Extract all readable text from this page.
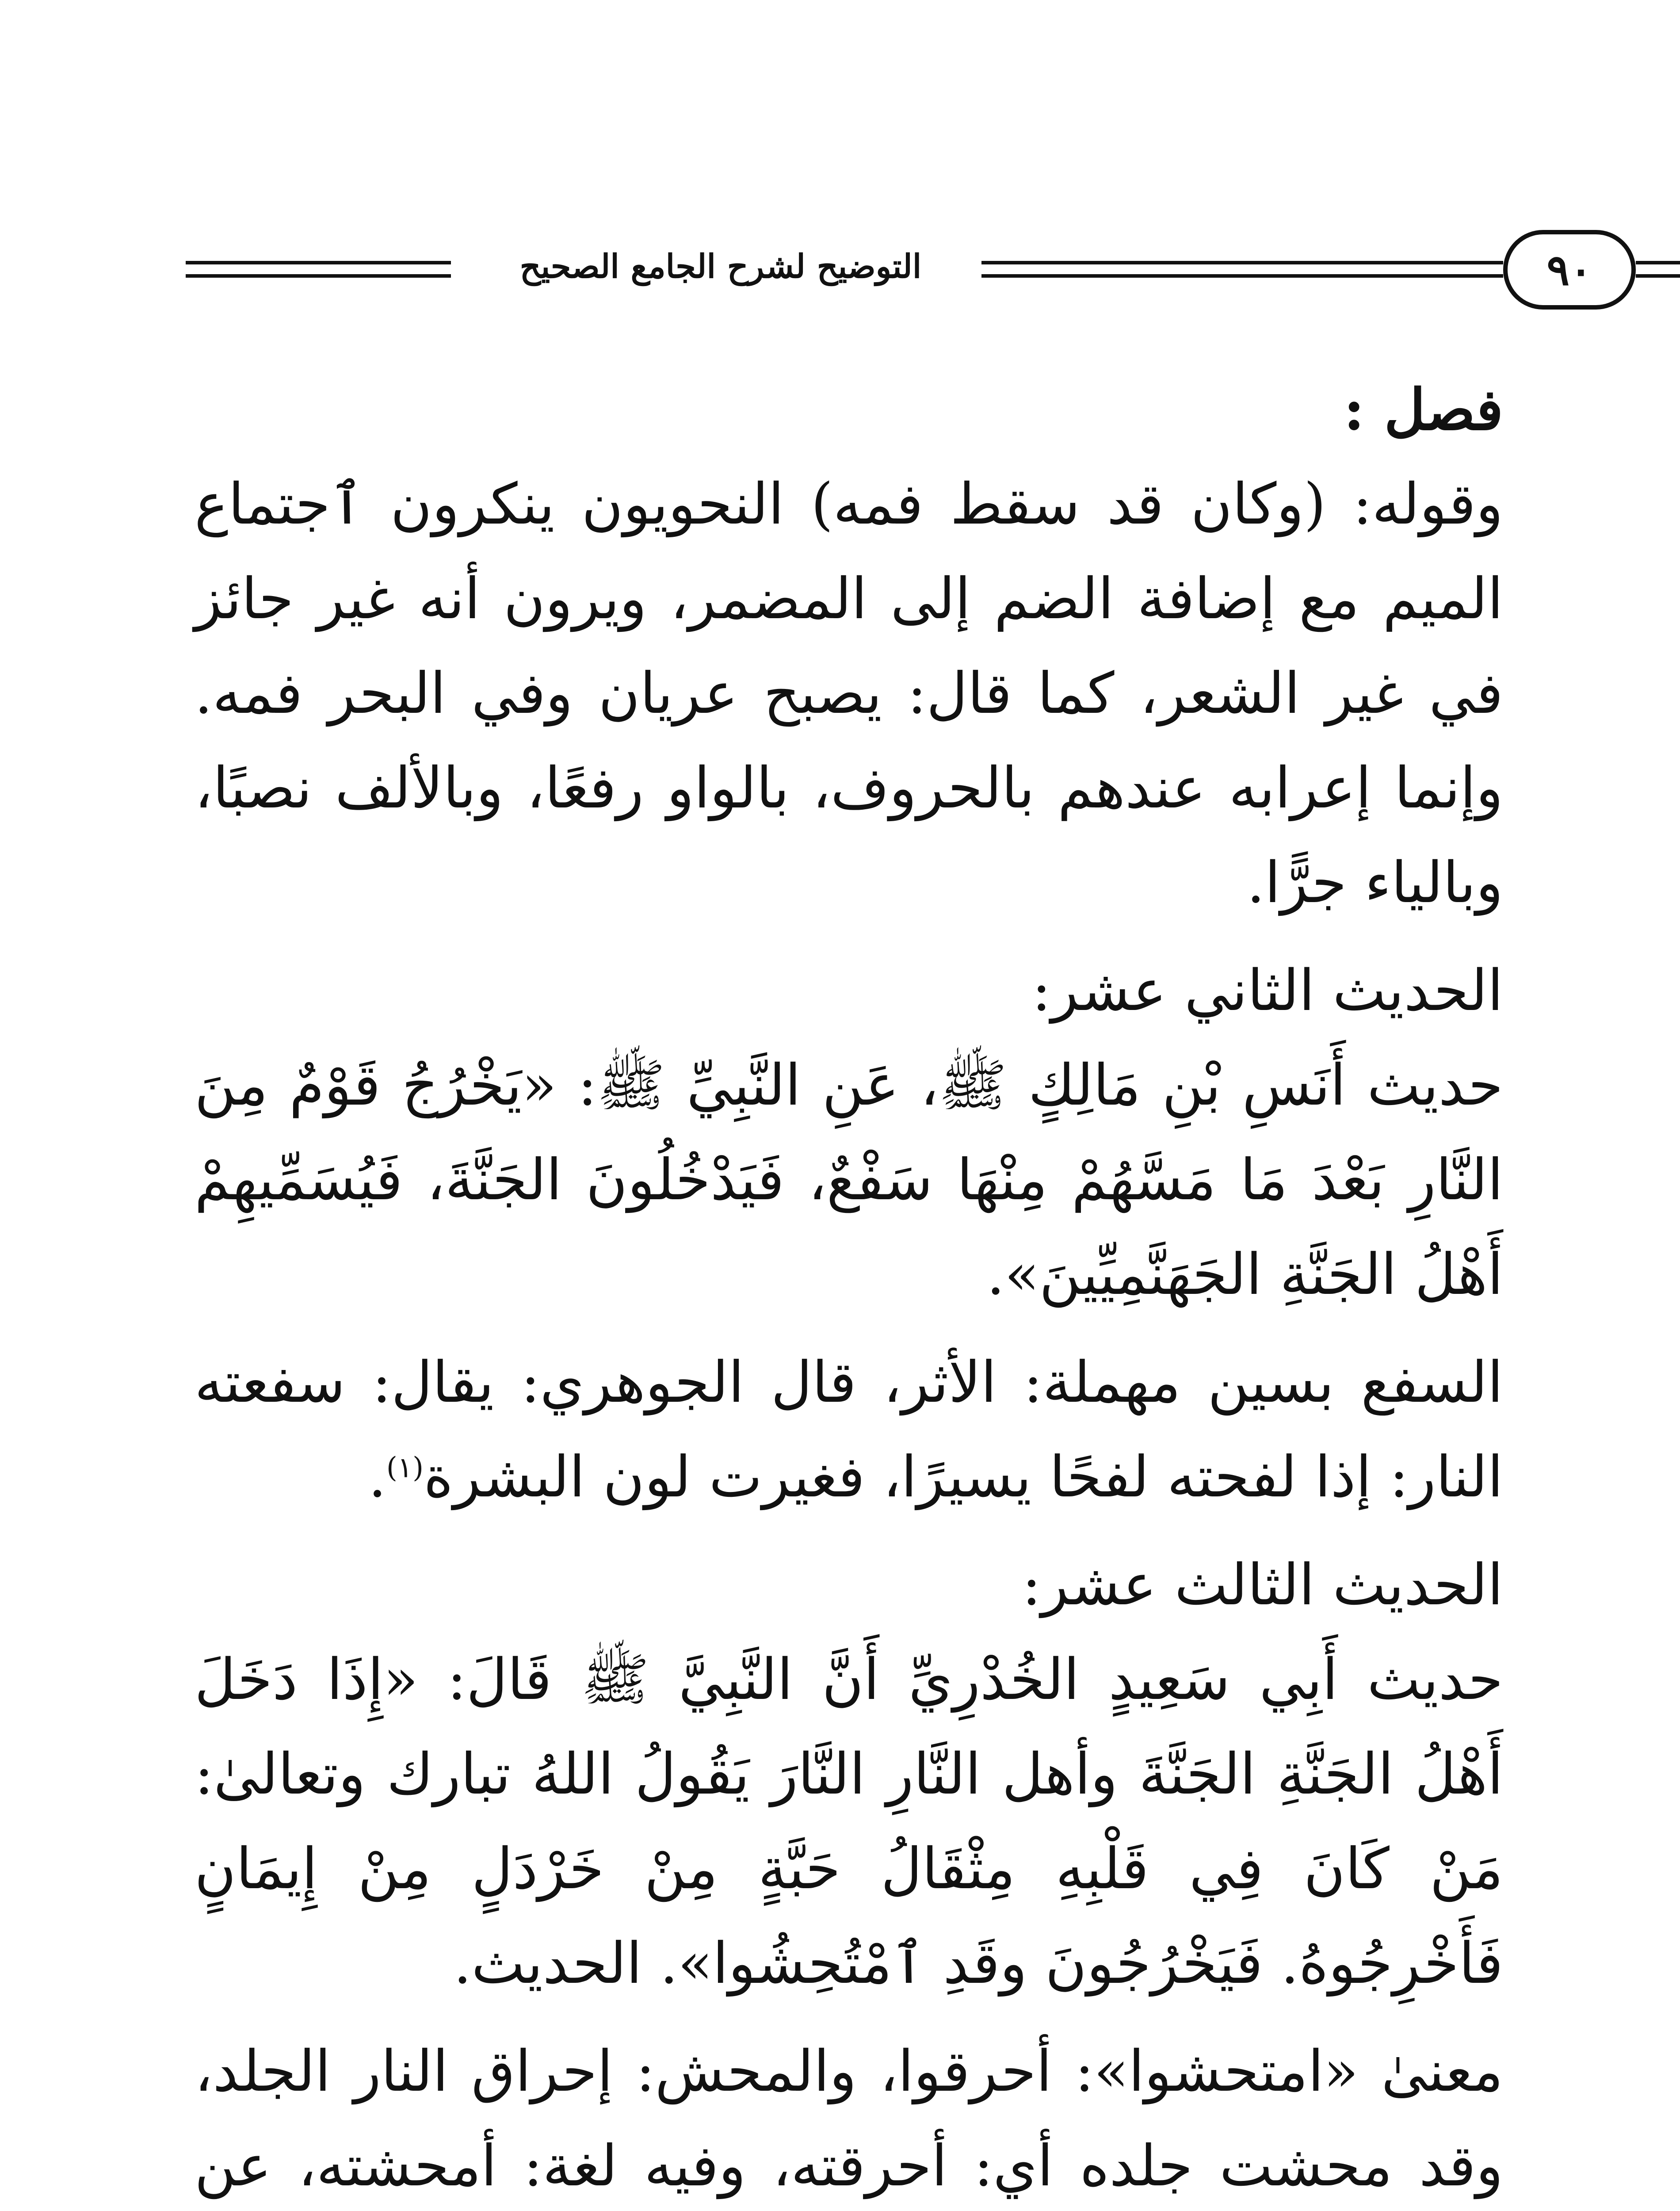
التوضيح لشرح الجامع الصحيح	٩٠

فصل :

وقوله: (وكان قد سقط فمه) النحويون ينكرون ٱجتماع الميم مع إضافة الضم إلى المضمر، ويرون أنه غير جائز في غير الشعر، كما قال: يصبح عريان وفي البحر فمه. وإنما إعرابه عندهم بالحروف، بالواو رفعًا، وبالألف نصبًا، وبالياء جرًّا.

الحديث الثاني عشر:

حديث أَنَسِ بْنِ مَالِكٍ ﷺ، عَنِ النَّبِيِّ ﷺ: «يَخْرُجُ قَوْمٌ مِنَ النَّارِ بَعْدَ مَا مَسَّهُمْ مِنْهَا سَفْعٌ، فَيَدْخُلُونَ الجَنَّةَ، فَيُسَمِّيهِمْ أَهْلُ الجَنَّةِ الجَهَنَّمِيِّينَ».

السفع بسين مهملة: الأثر، قال الجوهري: يقال: سفعته النار: إذا لفحته لفحًا يسيرًا، فغيرت لون البشرة$^{(١)}$.

الحديث الثالث عشر:

حديث أَبِي سَعِيدٍ الخُدْرِيِّ أَنَّ النَّبِيَّ ﷺ قَالَ: «إِذَا دَخَلَ أَهْلُ الجَنَّةِ الجَنَّةَ وأهل النَّارِ النَّارَ يَقُولُ اللهُ تبارك وتعالىٰ: مَنْ كَانَ فِي قَلْبِهِ مِثْقَالُ حَبَّةٍ مِنْ خَرْدَلٍ مِنْ إِيمَانٍ فَأَخْرِجُوهُ. فَيَخْرُجُونَ وقَدِ ٱمْتُحِشُوا». الحديث.

معنىٰ «امتحشوا»: أحرقوا، والمحش: إحراق النار الجلد، وقد محشت جلده أي: أحرقته، وفيه لغة: أمحشته، عن
